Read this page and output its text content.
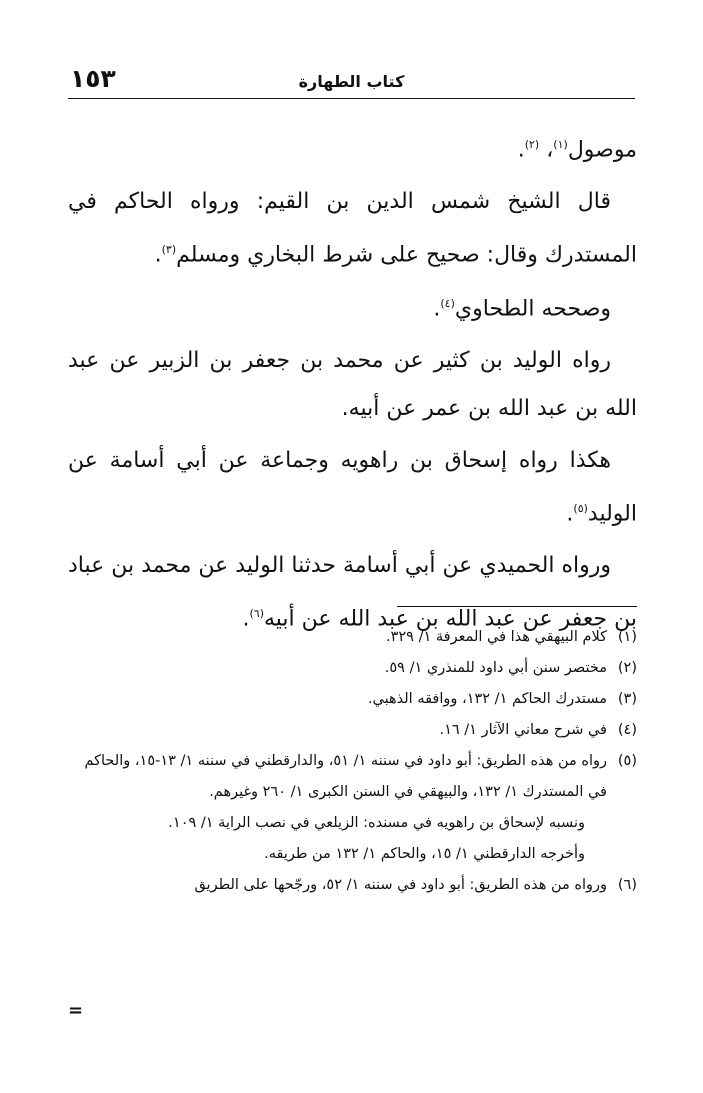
١٥٣	كتاب الطهارة

موصول$^{(١)}$، $^{(٢)}$.

قال الشيخ شمس الدين بن القيم: ورواه الحاكم في المستدرك وقال: صحيح على شرط البخاري ومسلم$^{(٣)}$.

وصححه الطحاوي$^{(٤)}$.

رواه الوليد بن كثير عن محمد بن جعفر بن الزبير عن عبد الله بن عبد الله بن عمر عن أبيه.

هكذا رواه إسحاق بن راهويه وجماعة عن أبي أسامة عن الوليد$^{(٥)}$.

ورواه الحميدي عن أبي أسامة حدثنا الوليد عن محمد بن عباد بن جعفر عن عبد الله بن عبد الله عن أبيه$^{(٦)}$.

(١)
كلام البيهقي هذا في المعرفة ١/ ٣٢٩.

(٢)
مختصر سنن أبي داود للمنذري ١/ ٥٩.

(٣)
مستدرك الحاكم ١/ ١٣٢، ووافقه الذهبي.

(٤)
في شرح معاني الآثار ١/ ١٦.

(٥)
رواه من هذه الطريق: أبو داود في سننه ١/ ٥١، والدارقطني في سننه ١/ ١٣-١٥، والحاكم في المستدرك ١/ ١٣٢، والبيهقي في السنن الكبرى ١/ ٢٦٠ وغيرهم.

ونسبه لإسحاق بن راهويه في مسنده: الزيلعي في نصب الراية ١/ ١٠٩.

وأخرجه الدارقطني ١/ ١٥، والحاكم ١/ ١٣٢ من طريقه.

(٦)
ورواه من هذه الطريق: أبو داود في سننه ١/ ٥٢، ورجّحها على الطريق

=
